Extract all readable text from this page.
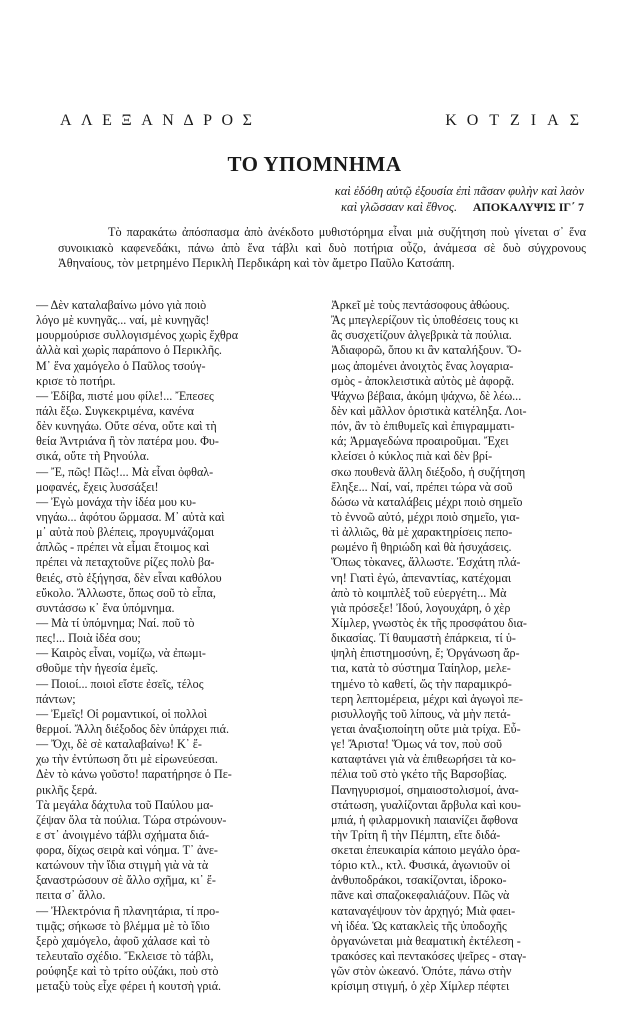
ΑΛΕΞΑΝΔΡΟΣ	ΚΟΤΖΙΑΣ
ΤΟ ΥΠΟΜΝΗΜΑ
καὶ ἐδόθη αὐτῷ ἐξουσία ἐπὶ πᾶσαν φυλὴν καὶ λαὸν
καὶ γλῶσσαν καὶ ἔθνος. ΑΠΟΚΑΛΥΨΙΣ ΙΓ΄ 7
Τὸ παρακάτω ἀπόσπασμα ἀπὸ ἀνέκδοτο μυθιστόρημα εἶναι μιὰ συζήτηση ποὺ γίνεται σ᾽ ἕνα συνοικιακὸ καφενεδάκι, πάνω ἀπὸ ἕνα τάβλι καὶ δυὸ ποτήρια οὖζο, ἀνάμεσα σὲ δυὸ σύγχρονους Ἀθηναίους, τὸν μετρημένο Περικλὴ Περδικάρη καὶ τὸν ἄμετρο Παῦλο Κατσάπη.
— Δὲν καταλαβαίνω μόνο γιὰ ποιὸ
λόγο μὲ κυνηγᾶς... ναί, μὲ κυνηγᾶς!
μουρμούρισε συλλογισμένος χωρὶς ἔχθρα
ἀλλὰ καὶ χωρὶς παράπονο ὁ Περικλῆς.
Μ᾽ ἕνα χαμόγελο ὁ Παῦλος τσούγ-
κρισε τὸ ποτήρι.
— Ἐδίβα, πιστέ μου φίλε!... Ἔπεσες
πάλι ἔξω. Συγκεκριμένα, κανένα
δὲν κυνηγάω. Οὔτε σένα, οὔτε καὶ τὴ
θεία Ἀντριάνα ἢ τὸν πατέρα μου. Φυ-
σικά, οὔτε τὴ Ρηνούλα.
— Ἔ, πῶς! Πῶς!... Μὰ εἶναι ὀφθαλ-
μοφανές, ἔχεις λυσσάξει!
— Ἐγὼ μονάχα τὴν ἰδέα μου κυ-
νηγάω... ἀφότου ὥρμασα. Μ᾽ αὐτὰ καὶ
μ᾽ αὐτὰ ποὺ βλέπεις, προγυμνάζομαι
ἁπλῶς - πρέπει νὰ εἶμαι ἕτοιμος καὶ
πρέπει νὰ πεταχτοῦνε ρίζες πολὺ βα-
θειές, στὸ ἐξήγησα, δὲν εἶναι καθόλου
εὔκολο. Ἄλλωστε, ὅπως σοῦ τὸ εἶπα,
συντάσσω κ᾽ ἕνα ὑπόμνημα.
— Μὰ τί ὑπόμνημα; Ναί. ποῦ τὸ
πες!... Ποιὰ ἰδέα σου;
— Καιρὸς εἶναι, νομίζω, νὰ ἐπωμι-
σθοῦμε τὴν ἡγεσία ἐμεῖς.
— Ποιοί... ποιοὶ εἴστε ἐσεῖς, τέλος
πάντων;
— Ἐμεῖς! Οἱ ρομαντικοί, οἱ πολλοὶ
θερμοί. Ἄλλη διέξοδος δὲν ὑπάρχει πιά.
— Ὄχι, δὲ σὲ καταλαβαίνω! Κ᾽ ἔ-
χω τὴν ἐντύπωση ὅτι μὲ εἰρωνεύεσαι.
Δὲν τὸ κάνω γοῦστο! παρατήρησε ὁ Πε-
ρικλῆς ξερά.
Τὰ μεγάλα δάχτυλα τοῦ Παύλου μα-
ζέψαν ὅλα τὰ πούλια. Τώρα στρώνουν-
ε στ᾽ ἀνοιγμένο τάβλι σχήματα διά-
φορα, δίχως σειρὰ καὶ νόημα. Τ᾽ ἀνε-
κατώνουν τὴν ἴδια στιγμὴ γιὰ νὰ τὰ
ξαναστρώσουν σὲ ἄλλο σχῆμα, κι᾽ ἔ-
πειτα σ᾽ ἄλλο.
— Ἠλεκτρόνια ἢ πλανητάρια, τί προ-
τιμᾷς; σήκωσε τὸ βλέμμα μὲ τὸ ἴδιο
ξερὸ χαμόγελο, ἀφοῦ χάλασε καὶ τὸ
τελευταῖο σχέδιο. Ἔκλεισε τὸ τάβλι,
ρούφηξε καὶ τὸ τρίτο οὐζάκι, ποὺ στὸ
μεταξὺ τοὺς εἶχε φέρει ἡ κουτσὴ γριά.
Ἀρκεῖ μὲ τοὺς πεντάσοφους ἀθώους.
Ἂς μπεγλερίζουν τὶς ὑποθέσεις τους κι
ἂς συσχετίζουν ἀλγεβρικὰ τὰ πούλια.
Ἀδιαφορῶ, ὅπου κι ἂν καταλήξουν. Ὅ-
μως ἀπομένει ἀνοιχτὸς ἕνας λογαρια-
σμὸς - ἀποκλειστικὰ αὐτὸς μὲ ἀφορᾷ.
Ψάχνω βέβαια, ἀκόμη ψάχνω, δὲ λέω...
δὲν καὶ μᾶλλον ὁριστικὰ κατέληξα. Λοι-
πόν, ἂν τὸ ἐπιθυμεῖς καὶ ἐπιγραμματι-
κά; Ἀρμαγεδώνα προαιροῦμαι. Ἔχει
κλείσει ὁ κύκλος πιὰ καὶ δὲν βρί-
σκω πουθενὰ ἄλλη διέξοδο, ἡ συζήτηση
ἔληξε... Ναί, ναί, πρέπει τώρα νὰ σοῦ
δώσω νὰ καταλάβεις μέχρι ποιὸ σημεῖο
τὸ ἐννοῶ αὐτό, μέχρι ποιὸ σημεῖο, για-
τὶ ἀλλιῶς, θὰ μὲ χαρακτηρίσεις πεπο-
ρωμένο ἢ θηριώδη καὶ θὰ ἡσυχάσεις.
Ὅπως τὸκανες, ἄλλωστε. Ἐσχάτη πλά-
νη! Γιατὶ ἐγώ, ἀπεναντίας, κατέχομαι
ἀπὸ τὸ κοιμπλὲξ τοῦ εὐεργέτη... Μὰ
γιὰ πρόσεξε! Ἰδού, λογουχάρη, ὁ χὲρ
Χίμλερ, γνωστὸς ἐκ τῆς προσφάτου δια-
δικασίας. Τί θαυμαστὴ ἐπάρκεια, τί ὑ-
ψηλὴ ἐπιστημοσύνη, ἔ; Ὀργάνωση ἄρ-
τια, κατὰ τὸ σύστημα Ταίηλορ, μελε-
τημένο τὸ καθετί, ὥς τὴν παραμικρό-
τερη λεπτομέρεια, μέχρι καὶ ἀγωγοὶ πε-
ρισυλλογῆς τοῦ λίπους, νὰ μὴν πετά-
γεται ἀναξιοποίητη οὔτε μιὰ τρίχα. Εὖ-
γε! Ἄριστα! Ὅμως νά τον, ποὺ σοῦ
καταφτάνει γιὰ νὰ ἐπιθεωρήσει τὰ κο-
πέλια τοῦ στὸ γκέτο τῆς Βαρσοβίας.
Πανηγυρισμοί, σημαιοστολισμοί, ἀνα-
στάτωση, γυαλίζονται ἄρβυλα καὶ κου-
μπιά, ἡ φιλαρμονικὴ παιανίζει ἄφθονα
τὴν Τρίτη ἢ τὴν Πέμπτη, εἴτε διδά-
σκεται ἐπευκαιρία κάποιο μεγάλο ὁρα-
τόριο κτλ., κτλ. Φυσικά, ἀγωνιοῦν οἱ
ἀνθυποδράκοι, τσακίζονται, ἱδροκο-
πᾶνε καὶ σπαζοκεφαλιάζουν. Πῶς νὰ
καταναγέψουν τὸν ἀρχηγό; Μιὰ φαει-
νὴ ἰδέα. Ὡς κατακλεὶς τῆς ὑποδοχῆς
ὀργανώνεται μιὰ θεαματικὴ ἐκτέλεση -
τρακόσες καὶ πεντακόσες ψεῖρες - σταγ-
γῶν στὸν ὠκεανό. Ὁπότε, πάνω στὴν
κρίσιμη στιγμή, ὁ χὲρ Χίμλερ πέφτει
